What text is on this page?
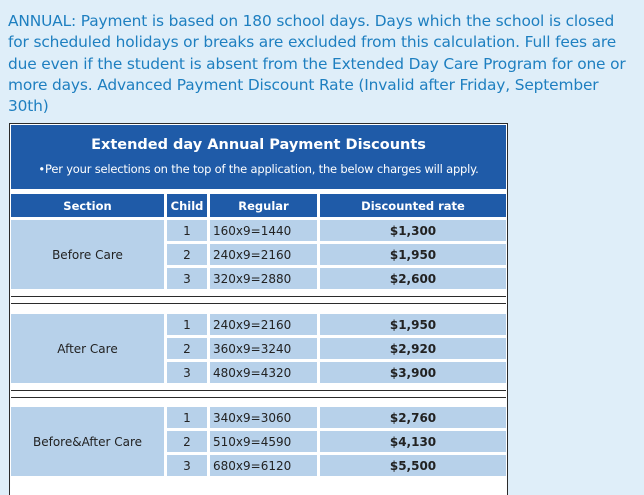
ANNUAL: Payment is based on 180 school days. Days which the school is closed for scheduled holidays or breaks are excluded from this calculation. Full fees are due even if the student is absent from the Extended Day Care Program for one or more days. Advanced Payment Discount Rate (Invalid after Friday, September 30th)
Extended day Annual Payment Discounts
•Per your selections on the top of the application, the below charges will apply.
Section	Child	Regular	Discounted rate
Before Care
1	160x9=1440	$1,300
2	240x9=2160	$1,950
3	320x9=2880	$2,600
After Care
1	240x9=2160	$1,950
2	360x9=3240	$2,920
3	480x9=4320	$3,900
Before&After Care
1	340x9=3060	$2,760
2	510x9=4590	$4,130
3	680x9=6120	$5,500
